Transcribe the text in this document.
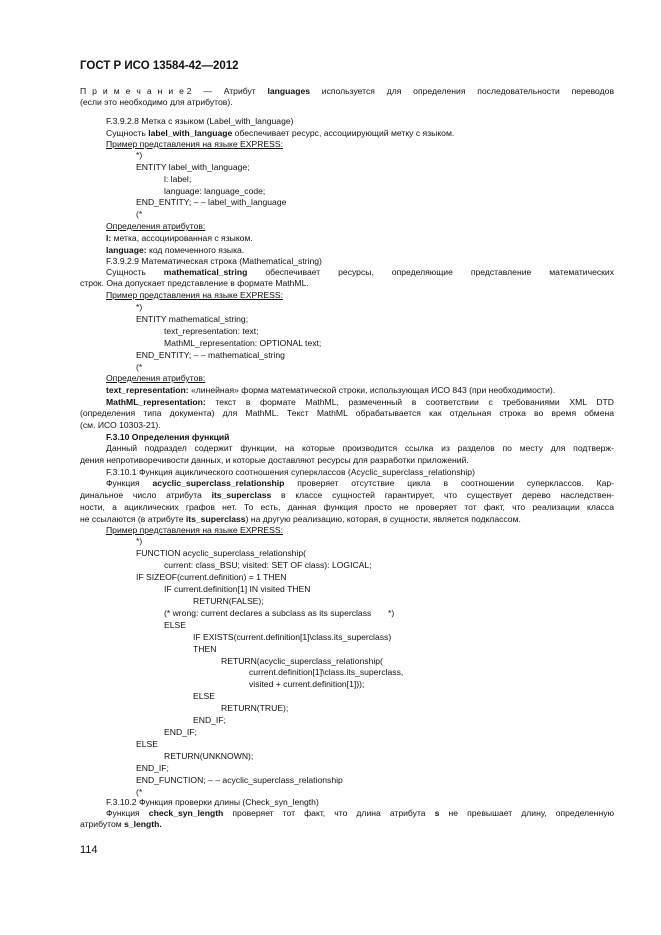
ГОСТ Р ИСО 13584-42—2012
П р и м е ч а н и е 2 — Атрибут languages используется для определения последовательности переводов
(если это необходимо для атрибутов).
F.3.9.2.8 Метка с языком (Label_with_language)
Сущность label_with_language обеспечивает ресурс, ассоциирующий метку с языком.
Пример представления на языке EXPRESS:
*)
ENTITY label_with_language;
l: label;
language: language_code;
END_ENTITY; – – label_with_language
(*
Определения атрибутов:
l: метка, ассоциированная с языком.
language: код помеченного языка.
F.3.9.2.9 Математическая строка (Mathematical_string)
Сущность mathematical_string обеспечивает ресурсы, определяющие представление математических
строк. Она допускает представление в формате MathML.
Пример представления на языке EXPRESS:
*)
ENTITY mathematical_string;
text_representation: text;
MathML_representation: OPTIONAL text;
END_ENTITY; – – mathematical_string
(*
Определения атрибутов:
text_representation: «линейная» форма математической строки, использующая ИСО 843 (при необходимости).
MathML_representation: текст в формате MathML, размеченный в соответствии с требованиями XML DTD
(определения типа документа) для MathML. Текст MathML обрабатывается как отдельная строка во время обмена
(см. ИСО 10303-21).
F.3.10 Определения функций
Данный подраздел содержит функции, на которые производится ссылка из разделов по месту для подтверж-
дения непротиворечивости данных, и которые доставляют ресурсы для разработки приложений.
F.3.10.1 Функция ациклического соотношения суперклассов (Acyclic_superclass_relationship)
Функция acyclic_superclass_relationship проверяет отсутствие цикла в соотношении суперклассов. Кар-
динальное число атрибута its_superclass в классе сущностей гарантирует, что существует дерево наследствен-
ности, а ациклических графов нет. То есть, данная функция просто не проверяет тот факт, что реализации класса
не ссылаются (в атрибуте its_superclass) на другую реализацию, которая, в сущности, является подклассом.
Пример представления на языке EXPRESS:
*)
FUNCTION acyclic_superclass_relationship(
current: class_BSU; visited: SET OF class): LOGICAL;
IF SIZEOF(current.definition) = 1 THEN
IF current.definition[1] IN visited THEN
RETURN(FALSE);
(* wrong: current declares a subclass as its superclass       *)
ELSE
IF EXISTS(current.definition[1]\class.its_superclass)
THEN
RETURN(acyclic_superclass_relationship(
current.definition[1]\class.its_superclass,
visited + current.definition[1]));
ELSE
RETURN(TRUE);
END_IF;
END_IF;
ELSE
RETURN(UNKNOWN);
END_IF;
END_FUNCTION; – – acyclic_superclass_relationship
(*
F.3.10.2 Функция проверки длины (Check_syn_length)
Функция check_syn_length проверяет тот факт, что длина атрибута s не превышает длину, определенную
атрибутом s_length.
114
